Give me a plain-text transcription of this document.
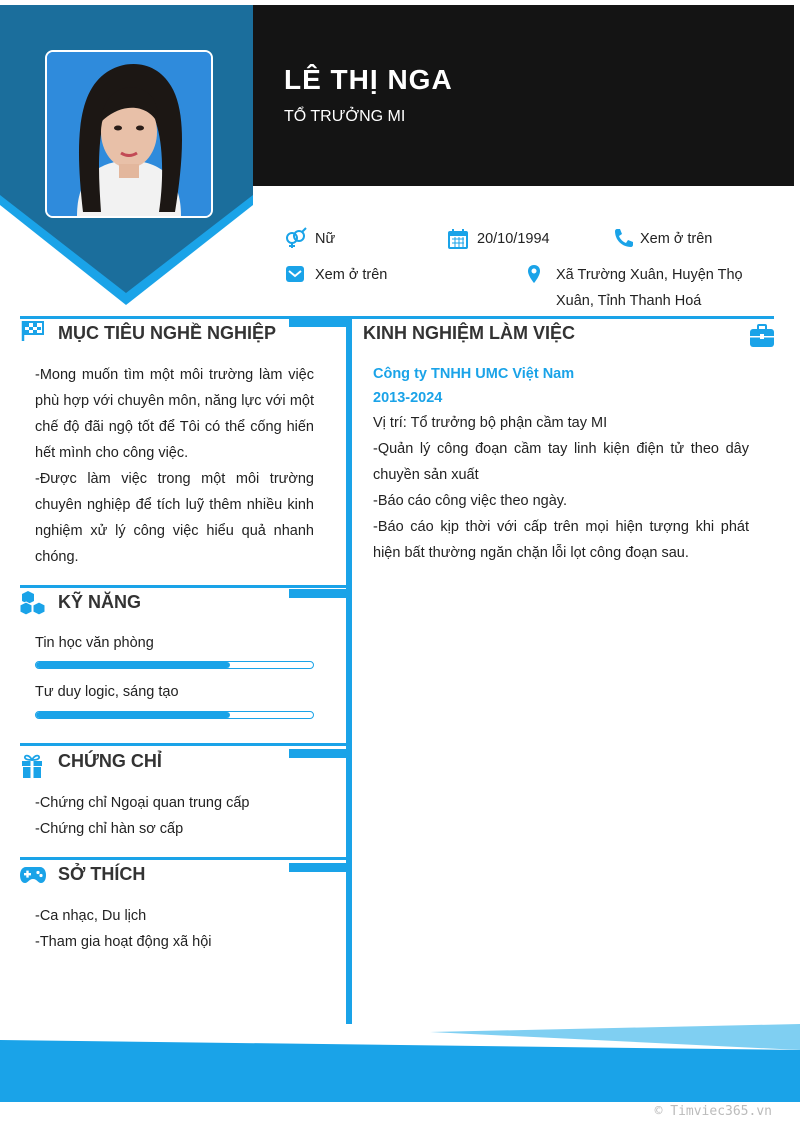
LÊ THỊ NGA
TỔ TRƯỞNG MI
Nữ	20/10/1994	Xem ở trên
Xem ở trên	Xã Trường Xuân, Huyện Thọ Xuân, Tỉnh Thanh Hoá
MỤC TIÊU NGHỀ NGHIỆP
-Mong muốn tìm một môi trường làm việc phù hợp với chuyên môn, năng lực với một chế độ đãi ngộ tốt để Tôi có thể cống hiến hết mình cho công việc.
-Được làm việc trong một môi trường chuyên nghiệp để tích luỹ thêm nhiều kinh nghiệm xử lý công việc hiểu quả nhanh chóng.
KỸ NĂNG
Tin học văn phòng
Tư duy logic, sáng tạo
CHỨNG CHỈ
-Chứng chỉ Ngoại quan trung cấp
-Chứng chỉ hàn sơ cấp
SỞ THÍCH
-Ca nhạc, Du lịch
-Tham gia hoạt động xã hội
KINH NGHIỆM LÀM VIỆC
Công ty TNHH UMC Việt Nam
2013-2024
Vị trí: Tổ trưởng bộ phận cầm tay MI
-Quản lý công đoạn cầm tay linh kiện điện tử theo dây chuyền sản xuất
-Báo cáo công việc theo ngày.
-Báo cáo kịp thời với cấp trên mọi hiện tượng khi phát hiện bất thường ngăn chặn lỗi lọt công đoạn sau.
© Timviec365.vn
